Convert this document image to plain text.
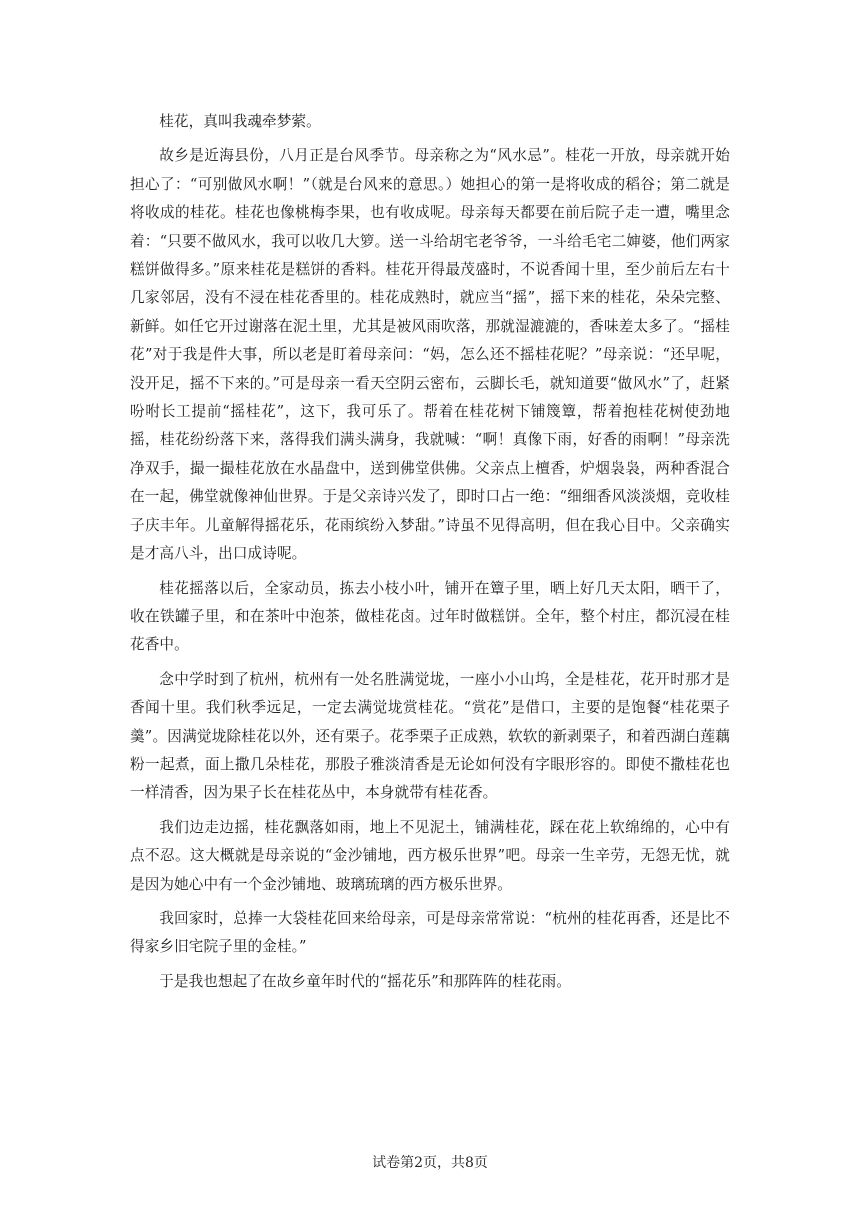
桂花，真叫我魂牵梦萦。

故乡是近海县份，八月正是台风季节。母亲称之为“风水忌”。桂花一开放，母亲就开始担心了：“可别做风水啊！”（就是台风来的意思。）她担心的第一是将收成的稻谷；第二就是将收成的桂花。桂花也像桃梅李果，也有收成呢。母亲每天都要在前后院子走一遭，嘴里念着：“只要不做风水，我可以收几大箩。送一斗给胡宅老爷爷，一斗给毛宅二婶婆，他们两家糕饼做得多。”原来桂花是糕饼的香料。桂花开得最茂盛时，不说香闻十里，至少前后左右十几家邻居，没有不浸在桂花香里的。桂花成熟时，就应当“摇”，摇下来的桂花，朵朵完整、新鲜。如任它开过谢落在泥土里，尤其是被风雨吹落，那就湿漉漉的，香味差太多了。“摇桂花”对于我是件大事，所以老是盯着母亲问：“妈，怎么还不摇桂花呢？”母亲说：“还早呢，没开足，摇不下来的。”可是母亲一看天空阴云密布，云脚长毛，就知道要“做风水”了，赶紧吩咐长工提前“摇桂花”，这下，我可乐了。帮着在桂花树下铺篾簟，帮着抱桂花树使劲地摇，桂花纷纷落下来，落得我们满头满身，我就喊：“啊！真像下雨，好香的雨啊！”母亲洗净双手，撮一撮桂花放在水晶盘中，送到佛堂供佛。父亲点上檀香，炉烟袅袅，两种香混合在一起，佛堂就像神仙世界。于是父亲诗兴发了，即时口占一绝：“细细香风淡淡烟，竞收桂子庆丰年。儿童解得摇花乐，花雨缤纷入梦甜。”诗虽不见得高明，但在我心目中。父亲确实是才高八斗，出口成诗呢。

桂花摇落以后，全家动员，拣去小枝小叶，铺开在簟子里，晒上好几天太阳，晒干了，收在铁罐子里，和在茶叶中泡茶，做桂花卤。过年时做糕饼。全年，整个村庄，都沉浸在桂花香中。

念中学时到了杭州，杭州有一处名胜满觉垅，一座小小山坞，全是桂花，花开时那才是香闻十里。我们秋季远足，一定去满觉垅赏桂花。“赏花”是借口，主要的是饱餐“桂花栗子羹”。因满觉垅除桂花以外，还有栗子。花季栗子正成熟，软软的新剥栗子，和着西湖白莲藕粉一起煮，面上撒几朵桂花，那股子雅淡清香是无论如何没有字眼形容的。即使不撒桂花也一样清香，因为果子长在桂花丛中，本身就带有桂花香。

我们边走边摇，桂花飘落如雨，地上不见泥土，铺满桂花，踩在花上软绵绵的，心中有点不忍。这大概就是母亲说的“金沙铺地，西方极乐世界”吧。母亲一生辛劳，无怨无忧，就是因为她心中有一个金沙铺地、玻璃琉璃的西方极乐世界。

我回家时，总捧一大袋桂花回来给母亲，可是母亲常常说：“杭州的桂花再香，还是比不得家乡旧宅院子里的金桂。”

于是我也想起了在故乡童年时代的“摇花乐”和那阵阵的桂花雨。

试卷第2页，共8页
